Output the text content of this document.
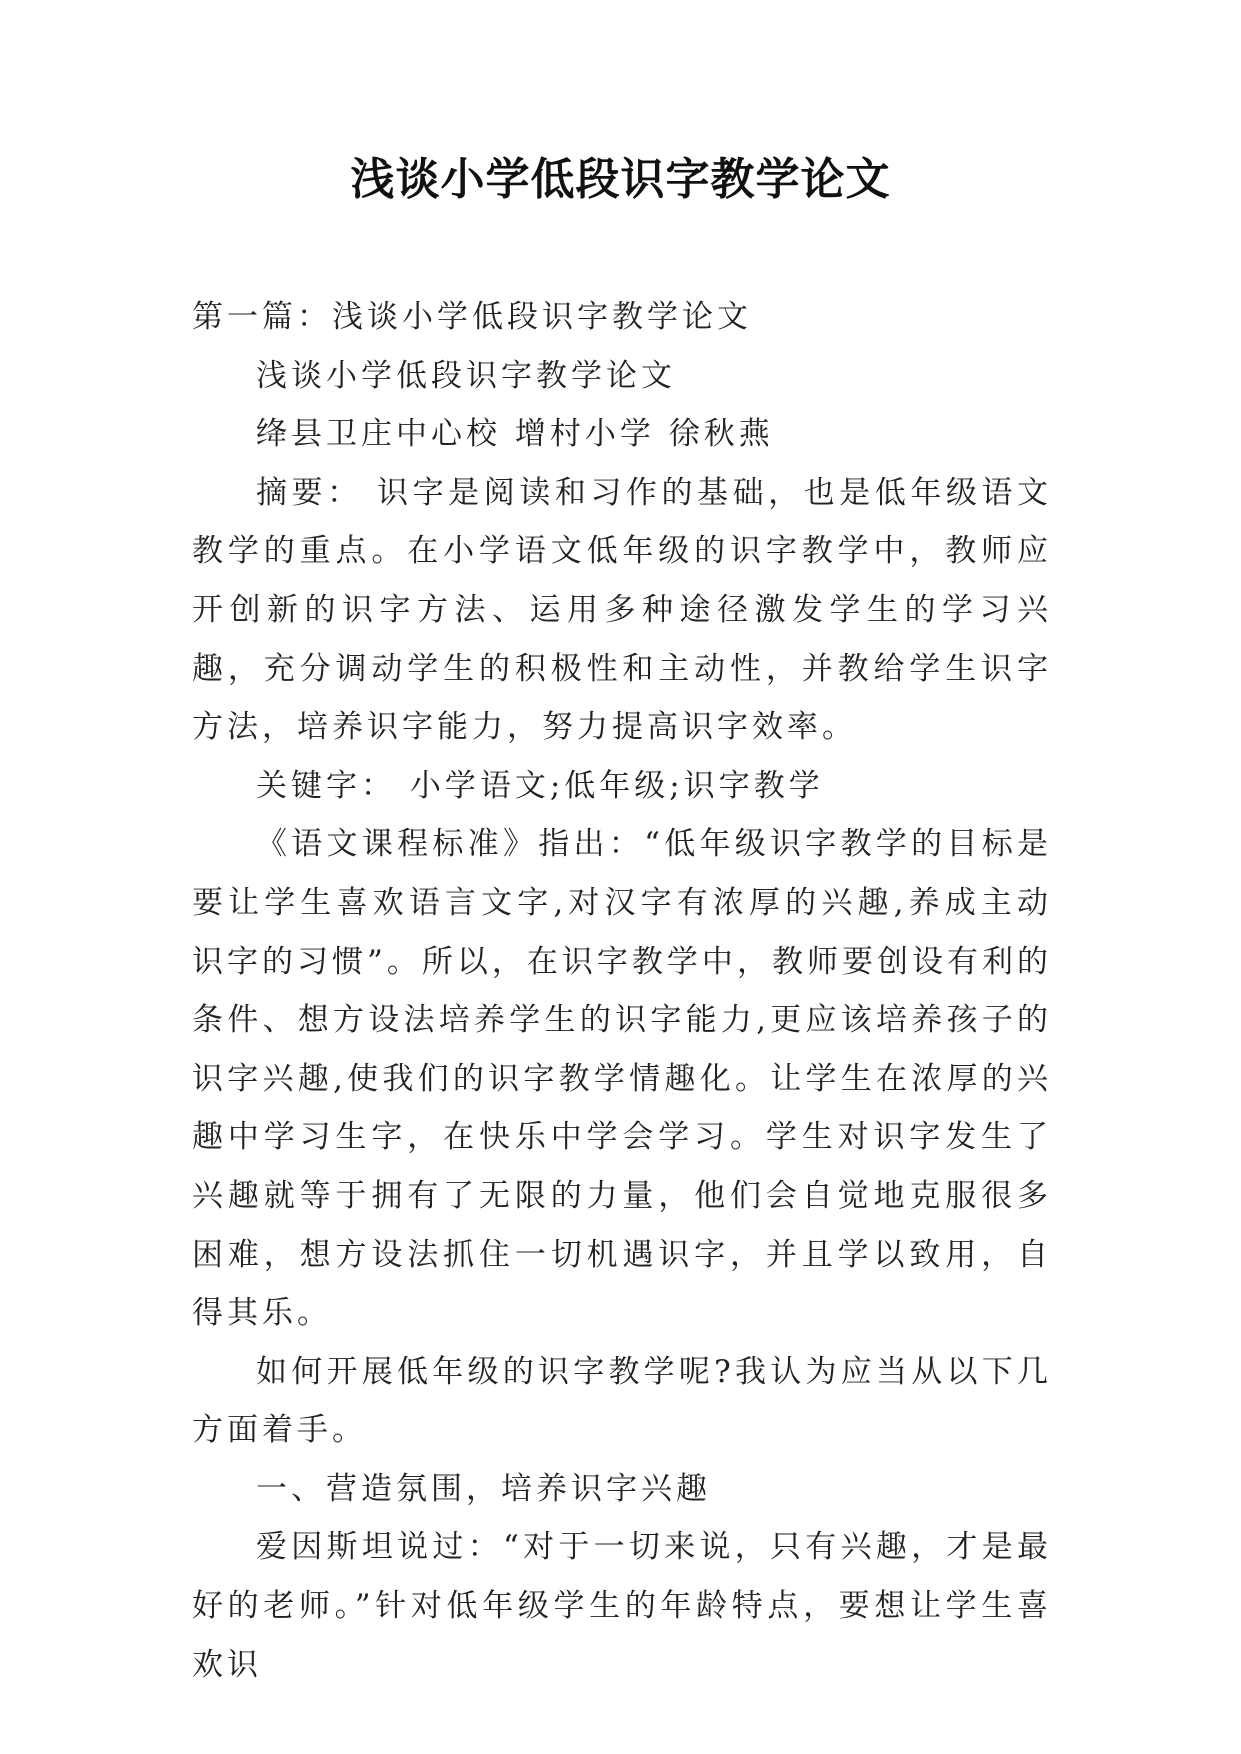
浅谈小学低段识字教学论文

第一篇：浅谈小学低段识字教学论文

浅谈小学低段识字教学论文

绛县卫庄中心校 增村小学 徐秋燕

摘要： 识字是阅读和习作的基础，也是低年级语文教学的重点。在小学语文低年级的识字教学中，教师应开创新的识字方法、运用多种途径激发学生的学习兴趣，充分调动学生的积极性和主动性，并教给学生识字方法，培养识字能力，努力提高识字效率。

关键字： 小学语文;低年级;识字教学

《语文课程标准》指出：“低年级识字教学的目标是要让学生喜欢语言文字,对汉字有浓厚的兴趣,养成主动识字的习惯”。所以，在识字教学中，教师要创设有利的条件、想方设法培养学生的识字能力,更应该培养孩子的识字兴趣,使我们的识字教学情趣化。让学生在浓厚的兴趣中学习生字，在快乐中学会学习。学生对识字发生了兴趣就等于拥有了无限的力量，他们会自觉地克服很多困难，想方设法抓住一切机遇识字，并且学以致用，自得其乐。

如何开展低年级的识字教学呢?我认为应当从以下几方面着手。

一、营造氛围，培养识字兴趣

爱因斯坦说过：“对于一切来说，只有兴趣，才是最好的老师。”针对低年级学生的年龄特点，要想让学生喜欢识
